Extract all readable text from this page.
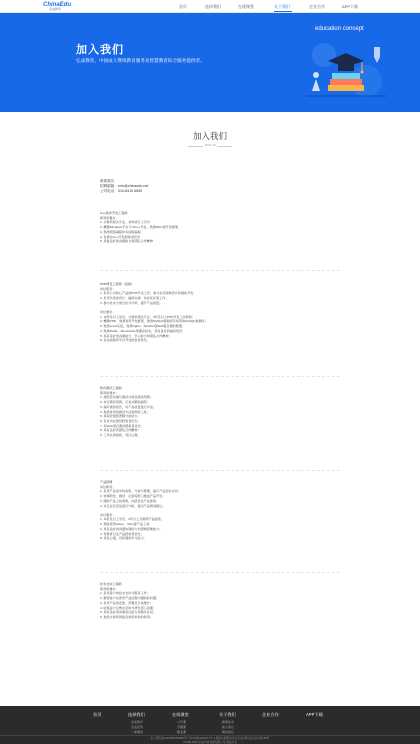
ChinaEdu
弘成教育	首页	选择我们	在线课堂	关于我们	企业合作	APP下载
加入我们
弘成教育，中国成人继续教育服务及智慧教育综合服务提供者。
education concept
加入我们
JOIN US
联系我们
招聘邮箱：mhr@chinaedu.net
公司电话：010-8410 6655
C++软件开发工程师
职责和要求：
1. 计算机相关专业，本科或以上学历
2. 精通Windows平台下C/C++开发，熟悉MFC等开发框架
3. 熟悉网络编程和多线程编程
4. 有相关C++开发经验者优先
5. 具备良好的沟通能力和团队合作精神
PHP研发工程师（高级）
岗位职责：
1. 负责公司核心产品的PHP开发工作，参与系统架构设计和模块开发；
2. 负责系统的设计、编码实现、性能优化等工作；
3. 参与技术方案讨论与评审，提升产品质量；
岗位要求：
1. 本科及以上学历，计算机相关专业，3年及以上PHP开发工作经验；
2. 精通PHP，熟悉常用开发框架，熟悉MySQL数据库及常用的NoSQL数据库；
3. 熟悉Linux系统，熟悉Nginx、Apache等Web服务器的配置；
4. 熟悉Redis、Memcache等缓存技术，具有良好的编码规范；
5. 具有良好的沟通能力、学习能力和团队合作精神；
6. 有在线教育平台开发经验者优先。
软件测试工程师
职责和要求：
1. 按照需求编写测试计划及测试用例；
2. 执行测试用例，记录并跟踪缺陷；
3. 编写测试报告，对产品质量进行评估；
4. 熟悉常用的测试方法和测试工具；
5. 具有较强的逻辑分析能力；
6. 有自动化测试经验者优先；
7. 有Web项目测试经验者优先；
8. 具有良好的团队合作精神；
9. 工作认真细致，责任心强。
产品经理
岗位职责：
1. 负责产品需求的收集、分析与整理，编写产品需求文档；
2. 协调研发、测试、运营等部门推进产品开发；
3. 跟踪产品上线效果，持续优化产品体验；
4. 对行业及竞品进行分析，提出产品规划建议。
岗位要求：
1. 本科及以上学历，2年以上互联网产品经验；
2. 熟练使用Axure、Visio等产品工具；
3. 具有良好的沟通协调能力和逻辑思维能力；
4. 有教育行业产品经验者优先；
5. 责任心强，有较强的学习能力。
技术支持工程师
职责和要求：
1. 负责客户的技术支持与服务工作；
2. 解答客户在使用产品过程中遇到的问题；
3. 负责产品的安装、部署及日常维护；
4. 收集客户反馈并及时与研发部门沟通；
5. 具有良好的沟通表达能力和服务意识；
6. 熟悉计算机网络及常用软件的使用。
首页	选择我们
弘成简介
弘成优势
一体服务
在线课堂
公开课
专题课
职业课
关于我们
新闻动态
加入我们
联系我们
企业合作	APP下载
京公网安备11010502041802号 京ICP备19043277号-4 网络出版服务许可证(总)网出证(京)字第189号
©1999-2022 弘成科技发展有限公司 版权所有
